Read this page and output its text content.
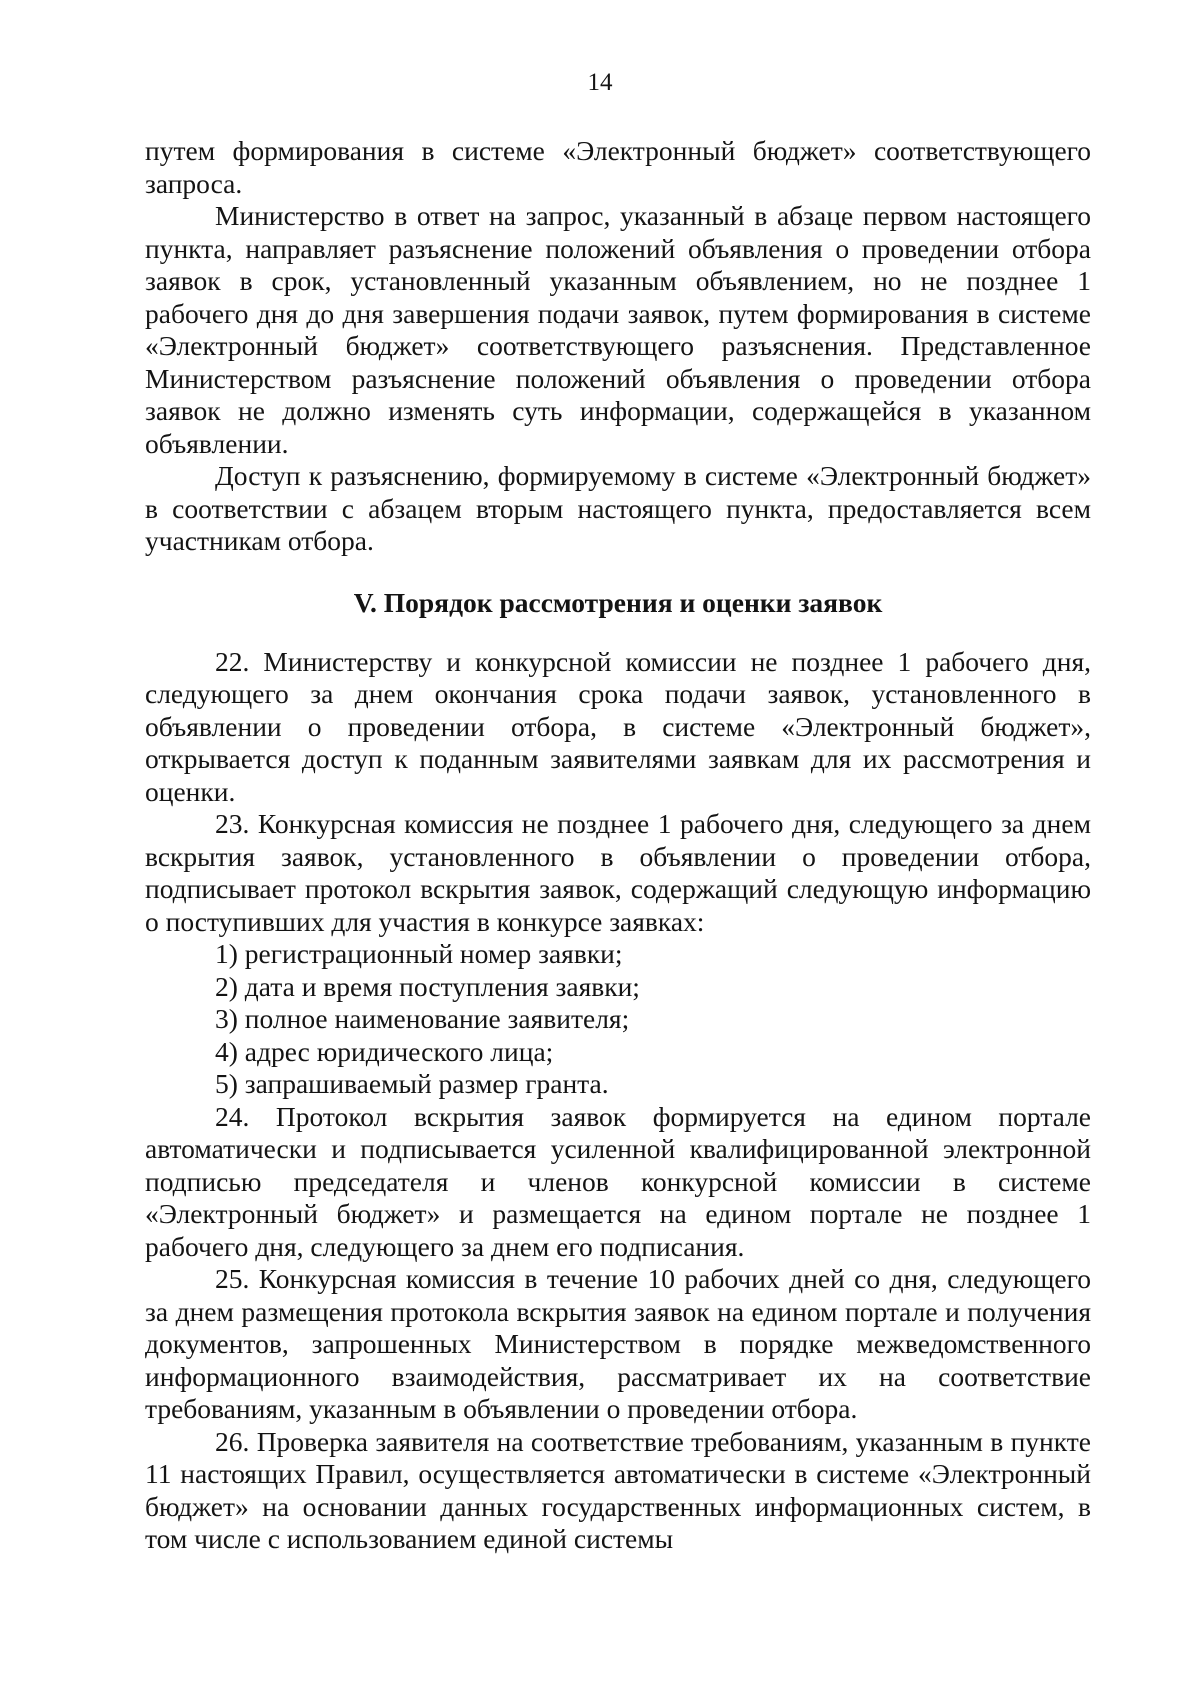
14

путем формирования в системе «Электронный бюджет» соответствующего запроса.

Министерство в ответ на запрос, указанный в абзаце первом настоящего пункта, направляет разъяснение положений объявления о проведении отбора заявок в срок, установленный указанным объявлением, но не позднее 1 рабочего дня до дня завершения подачи заявок, путем формирования в системе «Электронный бюджет» соответствующего разъяснения. Представленное Министерством разъяснение положений объявления о проведении отбора заявок не должно изменять суть информации, содержащейся в указанном объявлении.

Доступ к разъяснению, формируемому в системе «Электронный бюджет» в соответствии с абзацем вторым настоящего пункта, предоставляется всем участникам отбора.

V. Порядок рассмотрения и оценки заявок

22. Министерству и конкурсной комиссии не позднее 1 рабочего дня, следующего за днем окончания срока подачи заявок, установленного в объявлении о проведении отбора, в системе «Электронный бюджет», открывается доступ к поданным заявителями заявкам для их рассмотрения и оценки.

23. Конкурсная комиссия не позднее 1 рабочего дня, следующего за днем вскрытия заявок, установленного в объявлении о проведении отбора, подписывает протокол вскрытия заявок, содержащий следующую информацию о поступивших для участия в конкурсе заявках:

1) регистрационный номер заявки;

2) дата и время поступления заявки;

3) полное наименование заявителя;

4) адрес юридического лица;

5) запрашиваемый размер гранта.

24. Протокол вскрытия заявок формируется на едином портале автоматически и подписывается усиленной квалифицированной электронной подписью председателя и членов конкурсной комиссии в системе «Электронный бюджет» и размещается на едином портале не позднее 1 рабочего дня, следующего за днем его подписания.

25. Конкурсная комиссия в течение 10 рабочих дней со дня, следующего за днем размещения протокола вскрытия заявок на едином портале и получения документов, запрошенных Министерством в порядке межведомственного информационного взаимодействия, рассматривает их на соответствие требованиям, указанным в объявлении о проведении отбора.

26. Проверка заявителя на соответствие требованиям, указанным в пункте 11 настоящих Правил, осуществляется автоматически в системе «Электронный бюджет» на основании данных государственных информационных систем, в том числе с использованием единой системы
